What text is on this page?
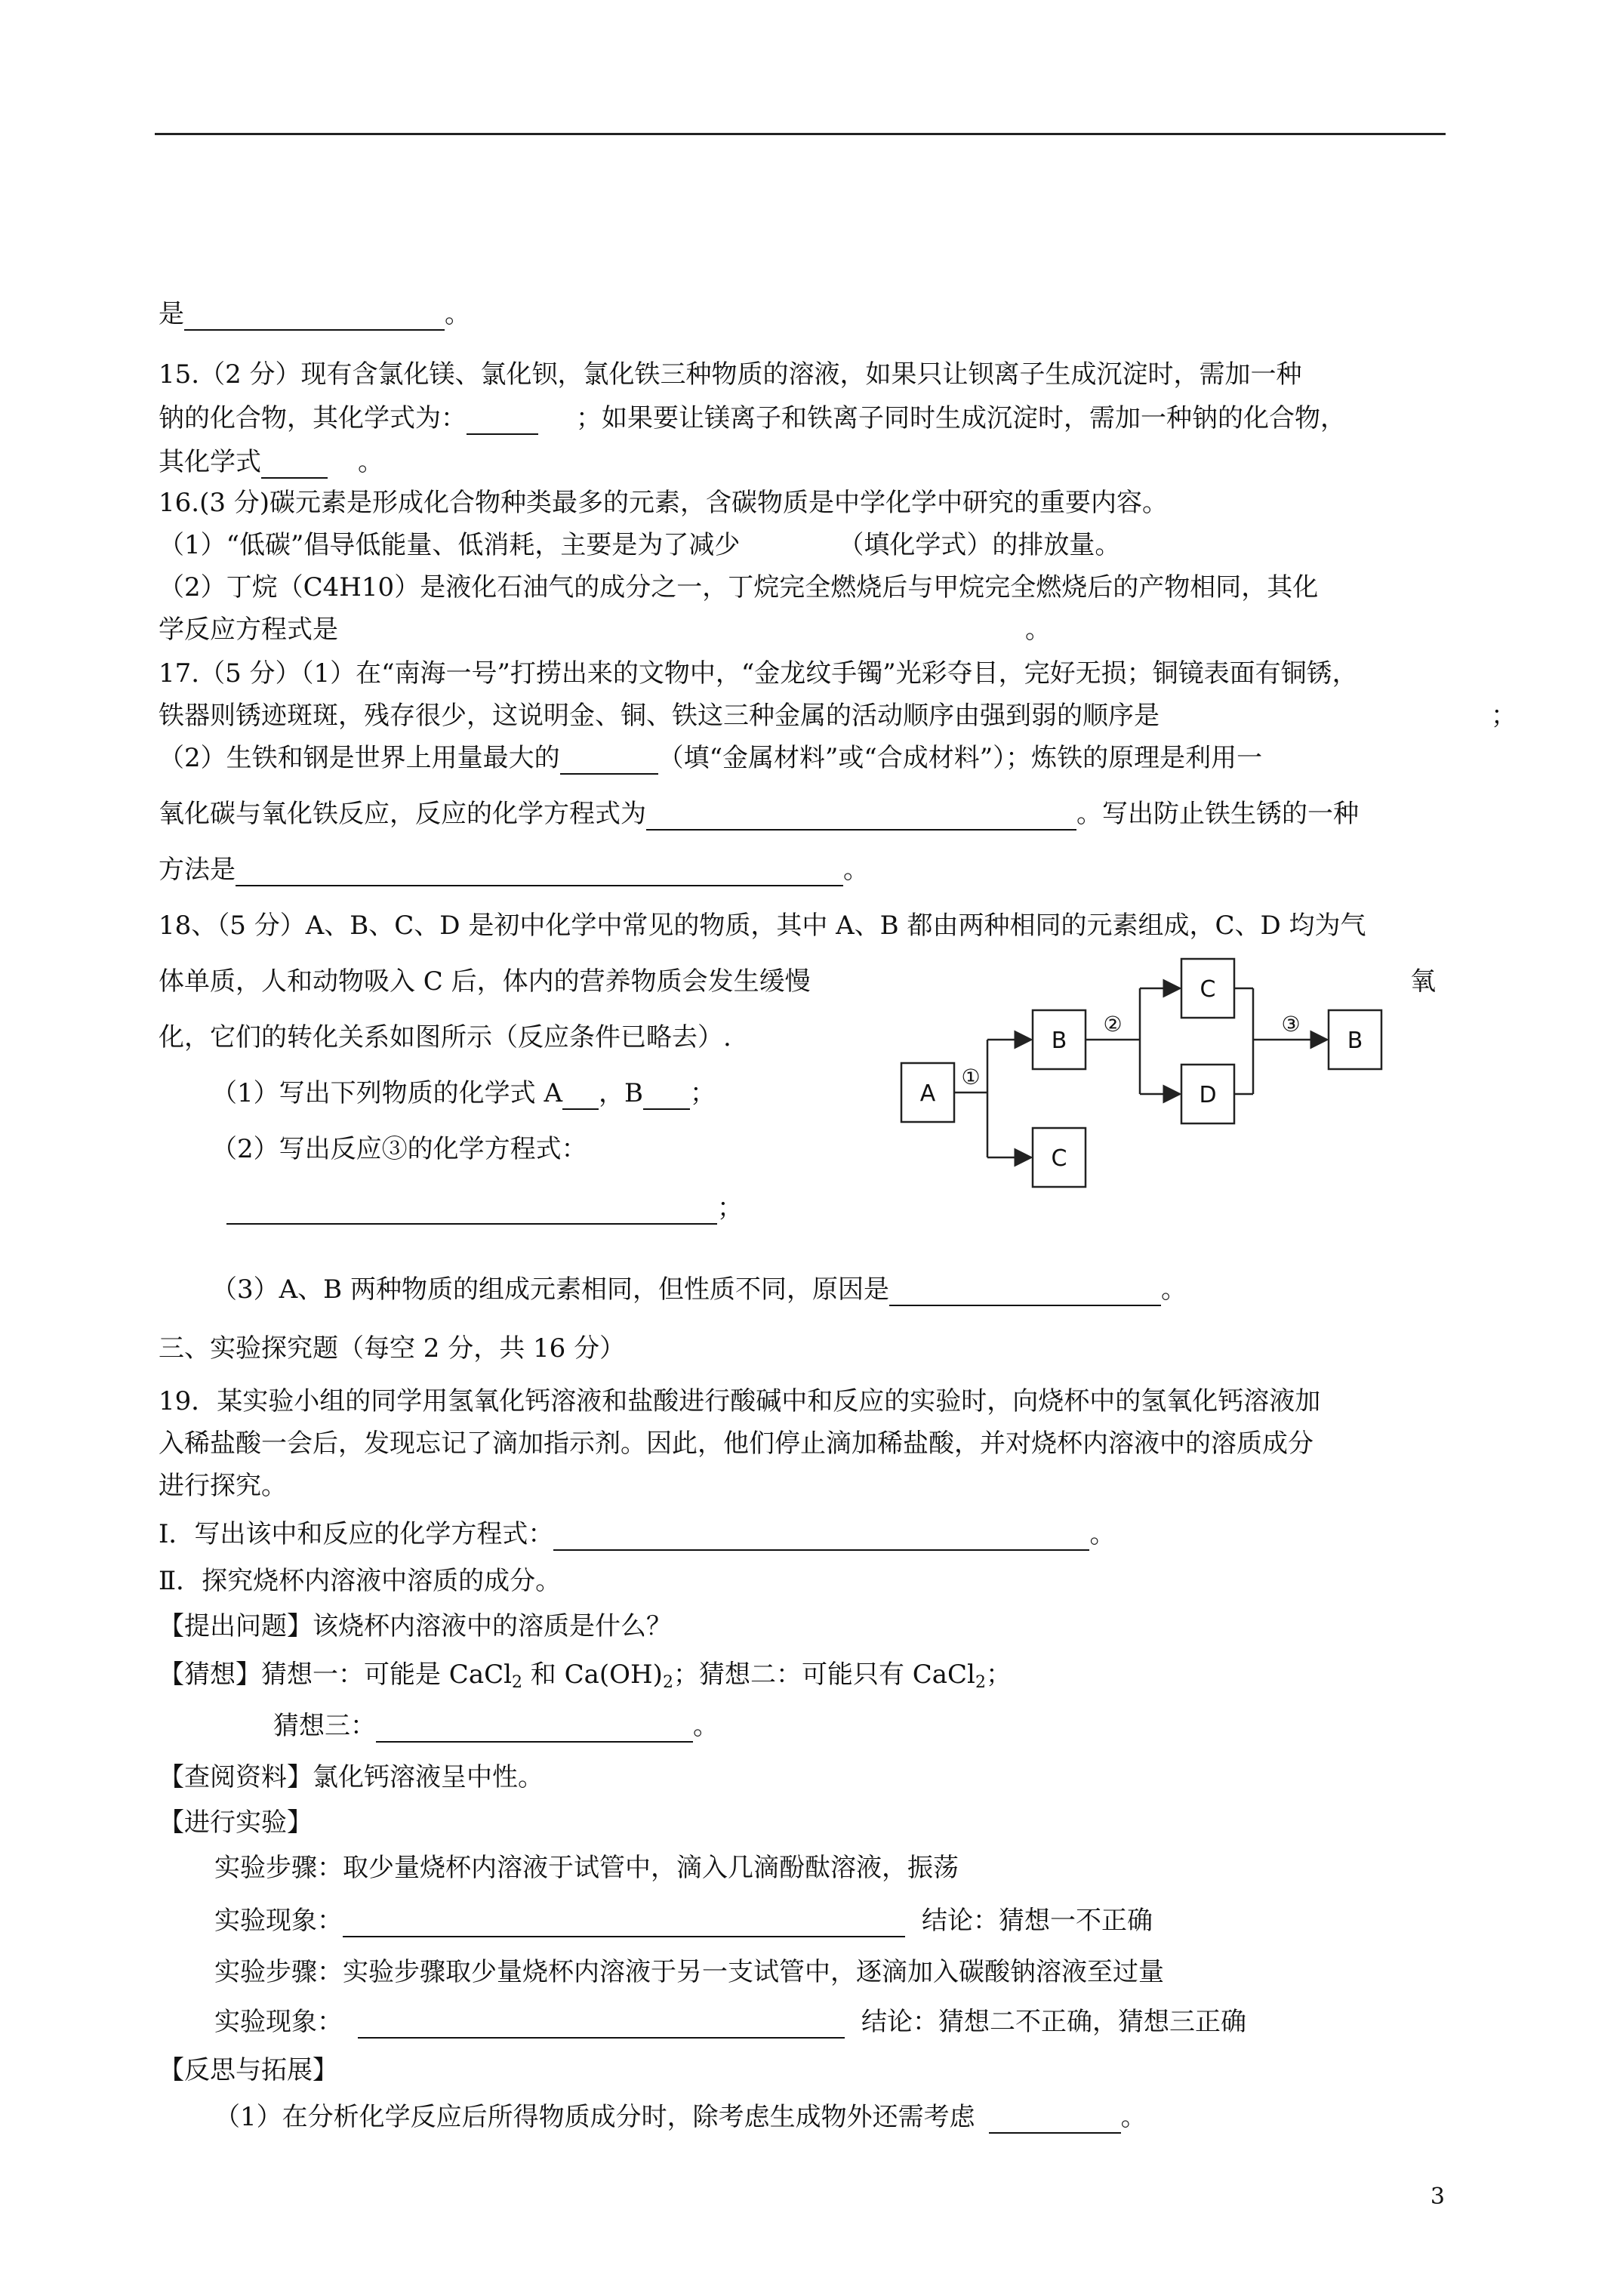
是	。
15.（2 分）现有含氯化镁、氯化钡，氯化铁三种物质的溶液，如果只让钡离子生成沉淀时，需加一种
钠的化合物，其化学式为：	；如果要让镁离子和铁离子同时生成沉淀时，需加一种钠的化合物，
其化学式	。
16.(3 分)碳元素是形成化合物种类最多的元素，含碳物质是中学化学中研究的重要内容。
（1）“低碳”倡导低能量、低消耗，主要是为了减少	（填化学式）的排放量。
（2）丁烷（C4H10）是液化石油气的成分之一，丁烷完全燃烧后与甲烷完全燃烧后的产物相同，其化
学反应方程式是	。
17.（5 分）（1）在“南海一号”打捞出来的文物中，“金龙纹手镯”光彩夺目，完好无损；铜镜表面有铜锈，
铁器则锈迹斑斑，残存很少，这说明金、铜、铁这三种金属的活动顺序由强到弱的顺序是	；
（2）生铁和钢是世界上用量最大的	（填“金属材料”或“合成材料”）；炼铁的原理是利用一
氧化碳与氧化铁反应，反应的化学方程式为	。写出防止铁生锈的一种
方法是	。
18、（5 分）A、B、C、D 是初中化学中常见的物质，其中 A、B 都由两种相同的元素组成，C、D 均为气
体单质，人和动物吸入 C 后，体内的营养物质会发生缓慢	氧
化，它们的转化关系如图所示（反应条件已略去）.
（1）写出下列物质的化学式 A ，B ；
（2）写出反应③的化学方程式：
；
（3）A、B 两种物质的组成元素相同，但性质不同，原因是	。
A
B
C
C
D
B
①
②	③
三、实验探究题（每空 2 分，共 16 分）
19．某实验小组的同学用氢氧化钙溶液和盐酸进行酸碱中和反应的实验时，向烧杯中的氢氧化钙溶液加
入稀盐酸一会后，发现忘记了滴加指示剂。因此，他们停止滴加稀盐酸，并对烧杯内溶液中的溶质成分
进行探究。
Ⅰ．写出该中和反应的化学方程式：	。
Ⅱ．探究烧杯内溶液中溶质的成分。
【提出问题】该烧杯内溶液中的溶质是什么？
【猜想】猜想一：可能是 CaCl$_2$ 和 $Ca(OH)_2$；猜想二：可能只有 CaCl$_2$；
猜想三：	。
【查阅资料】氯化钙溶液呈中性。
【进行实验】
实验步骤：取少量烧杯内溶液于试管中，滴入几滴酚酞溶液，振荡
实验现象：	结论：猜想一不正确
实验步骤：实验步骤取少量烧杯内溶液于另一支试管中，逐滴加入碳酸钠溶液至过量
实验现象：	结论：猜想二不正确，猜想三正确
【反思与拓展】
（1）在分析化学反应后所得物质成分时，除考虑生成物外还需考虑	。
3
